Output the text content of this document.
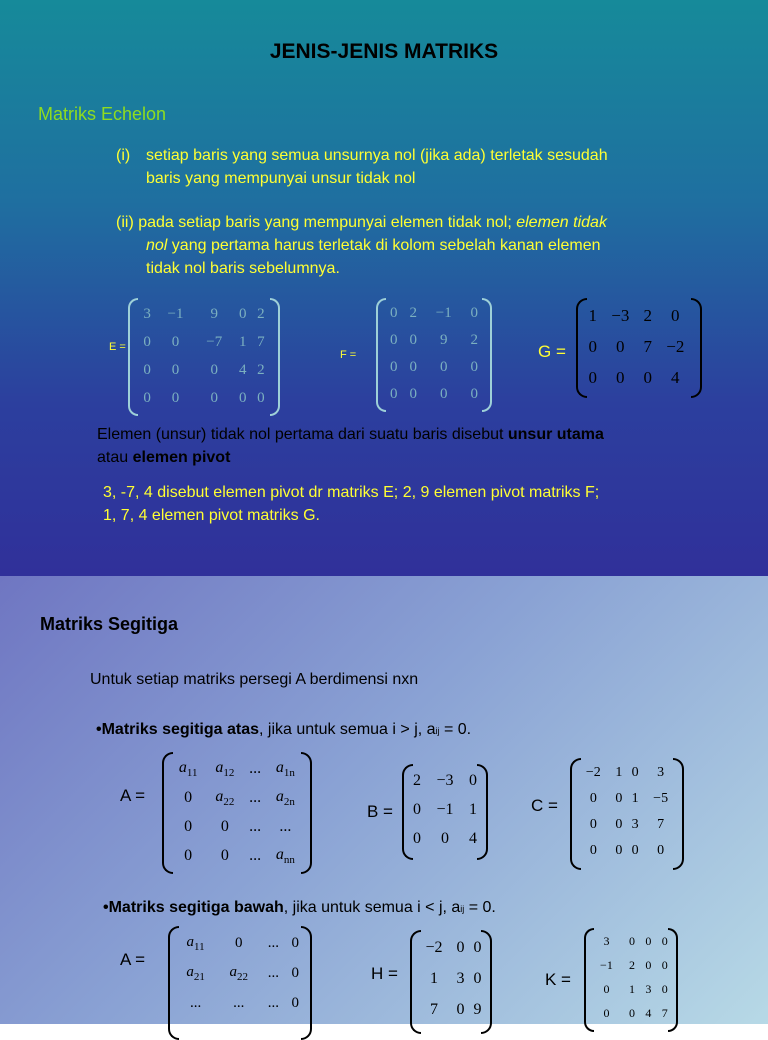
JENIS-JENIS MATRIKS
Matriks Echelon
(i) setiap baris yang semua unsurnya nol (jika ada) terletak sesudah
baris yang mempunyai unsur tidak nol
(ii) pada setiap baris yang mempunyai elemen tidak nol; elemen tidak
nol yang pertama harus terletak di kolom sebelah kanan elemen
tidak nol baris sebelumnya.
E =
3	−1	9	0	2
0	0	−7	1	7
0	0	0	4	2
0	0	0	0	0
F =
0	2	−1	0
0	0	9	2
0	0	0	0
0	0	0	0
G =
1	−3	2	0
0	0	7	−2
0	0	0	4
Elemen (unsur) tidak nol pertama dari suatu baris disebut unsur utama
atau elemen pivot
3, -7, 4 disebut elemen pivot dr matriks E; 2, 9 elemen pivot matriks F;
1, 7, 4 elemen pivot matriks G.
Matriks Segitiga
Untuk setiap matriks persegi A berdimensi nxn
•Matriks segitiga atas, jika untuk semua i > j, aij = 0.
A =
$a_{11}$	$a_{12}$	...	$a_{1n}$
0	$a_{22}$	...	$a_{2n}$
0	0	...	...
0	0	...	$a_{nn}$
B =
2	−3	0
0	−1	1
0	0	4
C =
−2	1	0	3
0	0	1	−5
0	0	3	7
0	0	0	0
•Matriks segitiga bawah, jika untuk semua i < j, aij = 0.
A =
$a_{11}$	0	...	0
$a_{21}$	$a_{22}$	...	0
...	...	...	0
H =
−2	0	0
1	3	0
7	0	9
K =
3	0	0	0
−1	2	0	0
0	1	3	0
0	0	4	7
